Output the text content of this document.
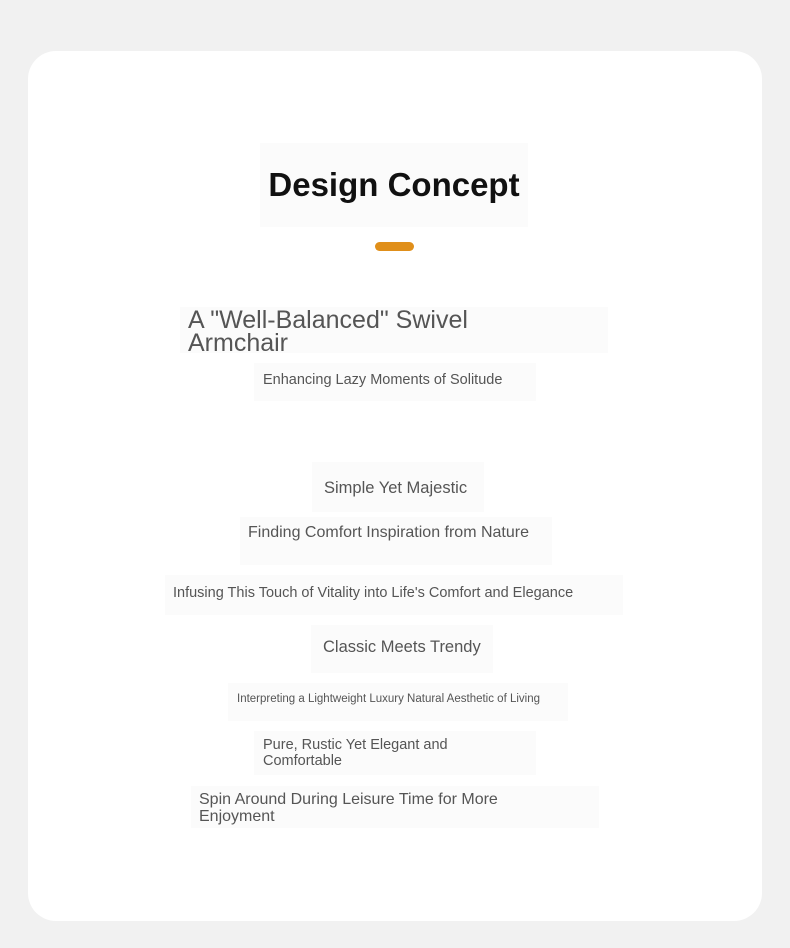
Design Concept
A "Well-Balanced" Swivel Armchair
Enhancing Lazy Moments of Solitude
Simple Yet Majestic
Finding Comfort Inspiration from Nature
Infusing This Touch of Vitality into Life's Comfort and Elegance
Classic Meets Trendy
Interpreting a Lightweight Luxury Natural Aesthetic of Living
Pure, Rustic Yet Elegant and Comfortable
Spin Around During Leisure Time for More Enjoyment
